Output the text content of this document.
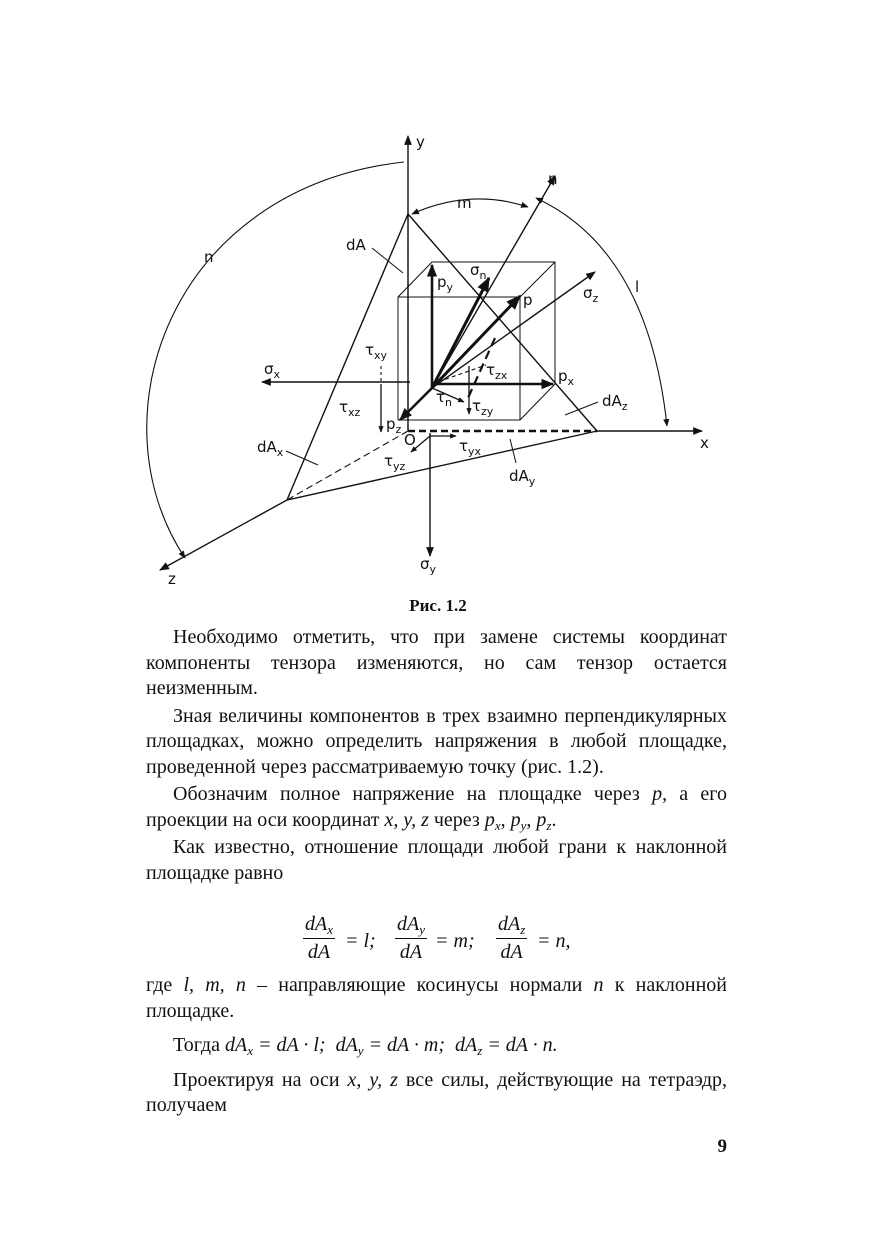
y
x
z
n
n
m
l
dA
O
$dA_x$
$dA_y$
$dA_z$
$p_y$
$p_x$
$p_z$
p
$\sigma_n$
$\sigma_z$
$\sigma_x$
$\sigma_y$
$\tau_{xy}$
$\tau_{xz}$
$\tau_{zx}$
$\tau_n$ $\tau_{zy}$
$\tau_{yz}$
$\tau_{yx}$
Рис. 1.2

Необходимо отметить, что при замене системы координат компоненты тензора изменяются, но сам тензор остается неизменным.

Зная величины компонентов в трех взаимно перпендикулярных площадках, можно определить напряжения в любой площадке, проведенной через рассматриваемую точку (рис. 1.2).

Обозначим полное напряжение на площадке через p, а его проекции на оси координат x, y, z через $p_x$, $p_y$, $p_z$.

Как известно, отношение площади любой грани к наклонной площадке равно

$dA_x$
dA = l;
$dA_y$
dA = m;
$dA_z$
dA = n,

где l, m, n – направляющие косинусы нормали n к наклонной площадке.

Тогда $dA_x$ = dA · l; $dA_y$ = dA · m; $dA_z$ = dA · n.

Проектируя на оси x, y, z все силы, действующие на тетраэдр, получаем

9
